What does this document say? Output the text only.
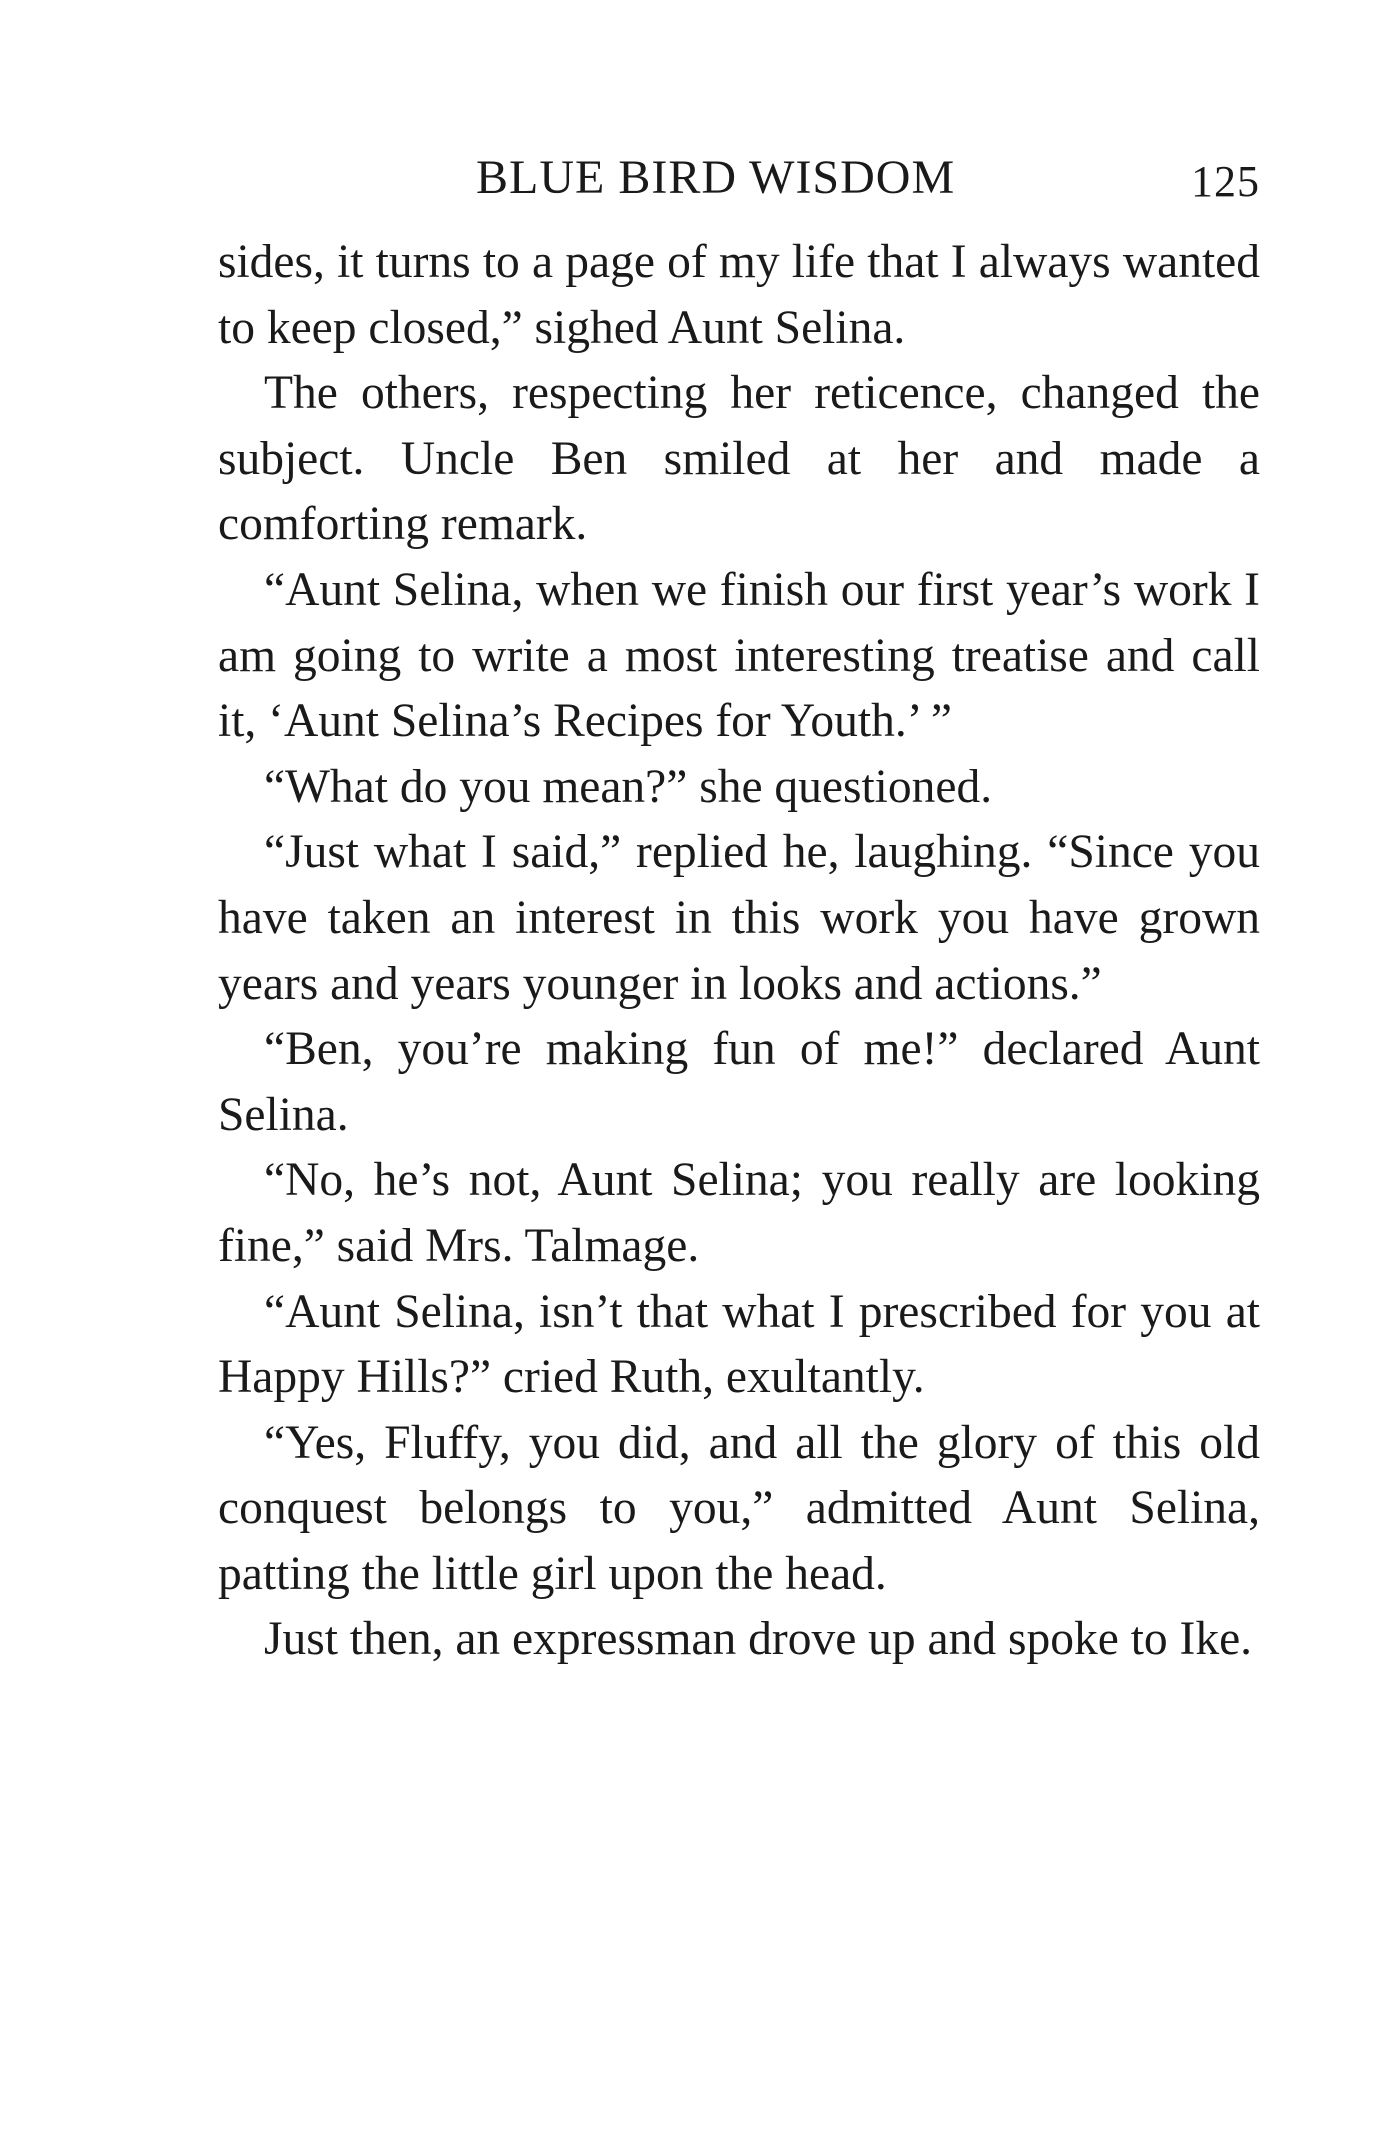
BLUE BIRD WISDOM	125

sides, it turns to a page of my life that I always wanted to keep closed,” sighed Aunt Selina.

The others, respecting her reticence, changed the subject. Uncle Ben smiled at her and made a comforting remark.

“Aunt Selina, when we finish our first year’s work I am going to write a most interesting treatise and call it, ‘Aunt Selina’s Recipes for Youth.’ ”

“What do you mean?” she questioned.

“Just what I said,” replied he, laughing. “Since you have taken an interest in this work you have grown years and years younger in looks and actions.”

“Ben, you’re making fun of me!” declared Aunt Selina.

“No, he’s not, Aunt Selina; you really are looking fine,” said Mrs. Talmage.

“Aunt Selina, isn’t that what I prescribed for you at Happy Hills?” cried Ruth, exultantly.

“Yes, Fluffy, you did, and all the glory of this old conquest belongs to you,” admitted Aunt Selina, patting the little girl upon the head.

Just then, an expressman drove up and spoke to Ike.
